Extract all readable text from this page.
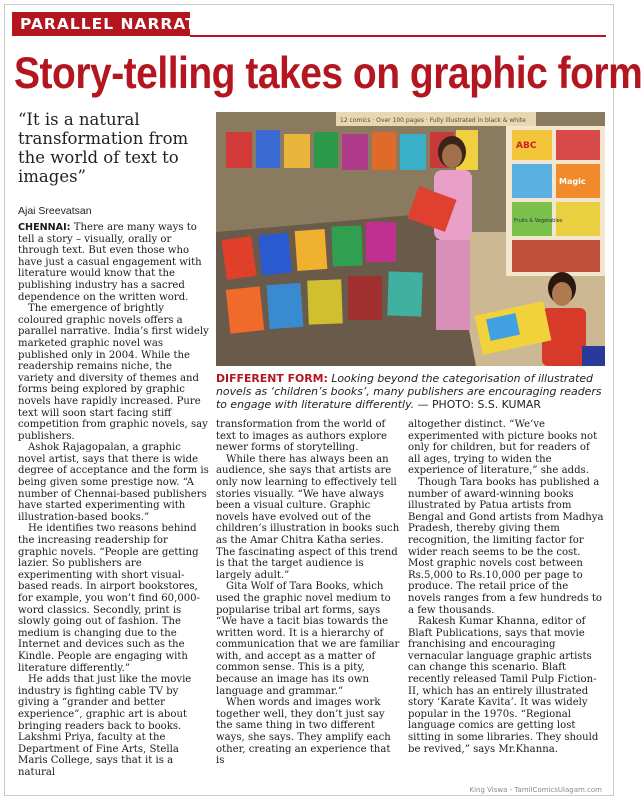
PARALLEL NARRATIVE
Story-telling takes on graphic form
“It is a natural transformation from the world of text to images”
Ajai Sreevatsan

CHENNAI: There are many ways to tell a story – visually, orally or through text. But even those who have just a casual engagement with literature would know that the publishing industry has a sacred dependence on the written word.

The emergence of brightly coloured graphic novels offers a parallel narrative. India’s first widely marketed graphic novel was published only in 2004. While the readership remains niche, the variety and diversity of themes and forms being explored by graphic novels have rapidly increased. Pure text will soon start facing stiff competition from graphic novels, say publishers.

Ashok Rajagopalan, a graphic novel artist, says that there is wide degree of acceptance and the form is being given some prestige now. “A number of Chennai-based publishers have started experimenting with illustration-based books.”

He identifies two reasons behind the increasing readership for graphic novels. “People are getting lazier. So publishers are experimenting with short visual-based reads. In airport bookstores, for example, you won’t find 60,000-word classics. Secondly, print is slowly going out of fashion. The medium is changing due to the Internet and devices such as the Kindle. People are engaging with literature differently.”

He adds that just like the movie industry is fighting cable TV by giving a “grander and better experience”, graphic art is about bringing readers back to books. Lakshmi Priya, faculty at the Department of Fine Arts, Stella Maris College, says that it is a natural

12 comics · Over 100 pages · Fully illustrated in black & white
ABC
Magic
Fruits & Vegetables
DIFFERENT FORM: Looking beyond the categorisation of illustrated novels as ‘children’s books’, many publishers are encouraging readers to engage with literature differently. — PHOTO: S.S. KUMAR

transformation from the world of text to images as authors explore newer forms of storytelling.

While there has always been an audience, she says that artists are only now learning to effectively tell stories visually. “We have always been a visual culture. Graphic novels have evolved out of the children’s illustration in books such as the Amar Chitra Katha series. The fascinating aspect of this trend is that the target audience is largely adult.”

Gita Wolf of Tara Books, which used the graphic novel medium to popularise tribal art forms, says “We have a tacit bias towards the written word. It is a hierarchy of communication that we are familiar with, and accept as a matter of common sense. This is a pity, because an image has its own language and grammar.”

When words and images work together well, they don’t just say the same thing in two different ways, she says. They amplify each other, creating an experience that is

altogether distinct. “We’ve experimented with picture books not only for children, but for readers of all ages, trying to widen the experience of literature,” she adds.

Though Tara books has published a number of award-winning books illustrated by Patua artists from Bengal and Gond artists from Madhya Pradesh, thereby giving them recognition, the limiting factor for wider reach seems to be the cost. Most graphic novels cost between Rs.5,000 to Rs.10,000 per page to produce. The retail price of the novels ranges from a few hundreds to a few thousands.

Rakesh Kumar Khanna, editor of Blaft Publications, says that movie franchising and encouraging vernacular language graphic artists can change this scenario. Blaft recently released Tamil Pulp Fiction-II, which has an entirely illustrated story ‘Karate Kavita’. It was widely popular in the 1970s. “Regional language comics are getting lost sitting in some libraries. They should be revived,” says Mr.Khanna.

King Viswa - TamilComicsUlagam.com
